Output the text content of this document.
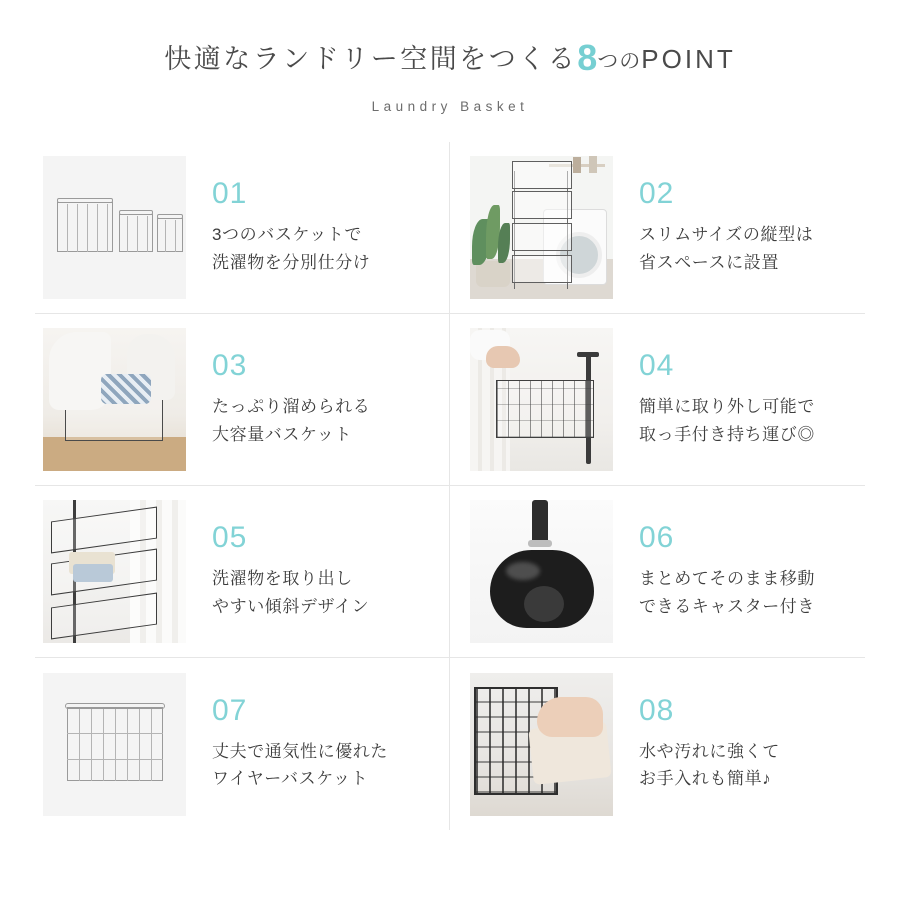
快適なランドリー空間をつくる8つのPOINT
Laundry Basket
01
3つのバスケットで
洗濯物を分別仕分け
02
スリムサイズの縦型は
省スペースに設置
03
たっぷり溜められる
大容量バスケット
04
簡単に取り外し可能で
取っ手付き持ち運び◎
05
洗濯物を取り出し
やすい傾斜デザイン
06
まとめてそのまま移動
できるキャスター付き
07
丈夫で通気性に優れた
ワイヤーバスケット
08
水や汚れに強くて
お手入れも簡単♪
